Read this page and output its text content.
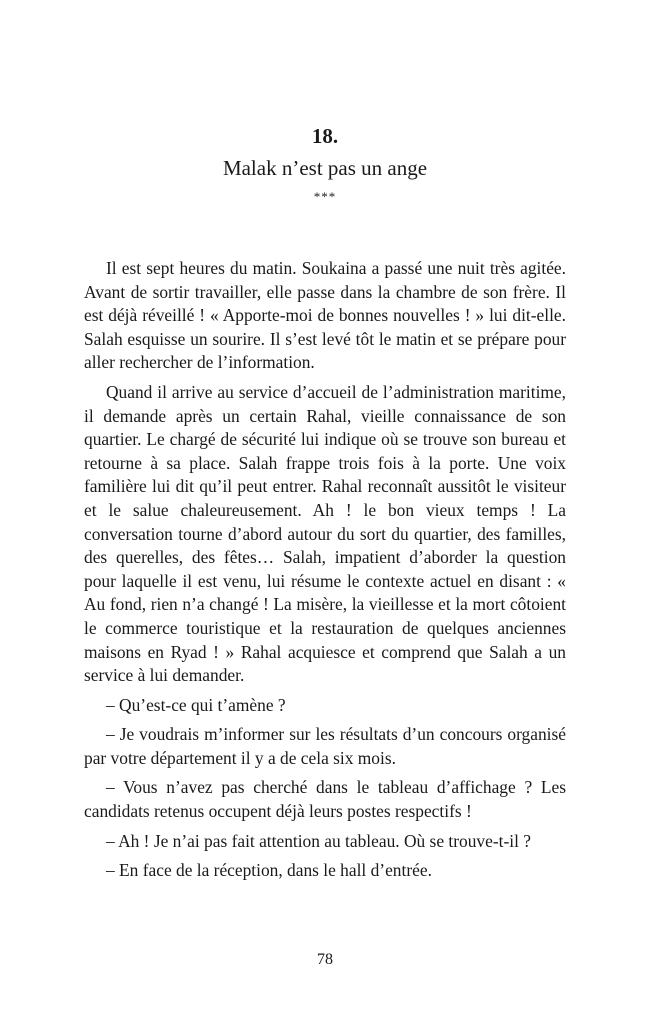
18.
Malak n’est pas un ange
***

Il est sept heures du matin. Soukaina a passé une nuit très agitée. Avant de sortir travailler, elle passe dans la chambre de son frère. Il est déjà réveillé ! « Apporte-moi de bonnes nouvelles ! » lui dit-elle. Salah esquisse un sourire. Il s’est levé tôt le matin et se prépare pour aller rechercher de l’information.

Quand il arrive au service d’accueil de l’administration maritime, il demande après un certain Rahal, vieille connaissance de son quartier. Le chargé de sécurité lui indique où se trouve son bureau et retourne à sa place. Salah frappe trois fois à la porte. Une voix familière lui dit qu’il peut entrer. Rahal reconnaît aussitôt le visiteur et le salue chaleureusement. Ah ! le bon vieux temps ! La conversation tourne d’abord autour du sort du quartier, des familles, des querelles, des fêtes… Salah, impatient d’aborder la question pour laquelle il est venu, lui résume le contexte actuel en disant : « Au fond, rien n’a changé ! La misère, la vieillesse et la mort côtoient le commerce touristique et la restauration de quelques anciennes maisons en Ryad ! » Rahal acquiesce et comprend que Salah a un service à lui demander.

– Qu’est-ce qui t’amène ?

– Je voudrais m’informer sur les résultats d’un concours organisé par votre département il y a de cela six mois.

– Vous n’avez pas cherché dans le tableau d’affichage ? Les candidats retenus occupent déjà leurs postes respectifs !

– Ah ! Je n’ai pas fait attention au tableau. Où se trouve-t-il ?

– En face de la réception, dans le hall d’entrée.

78
